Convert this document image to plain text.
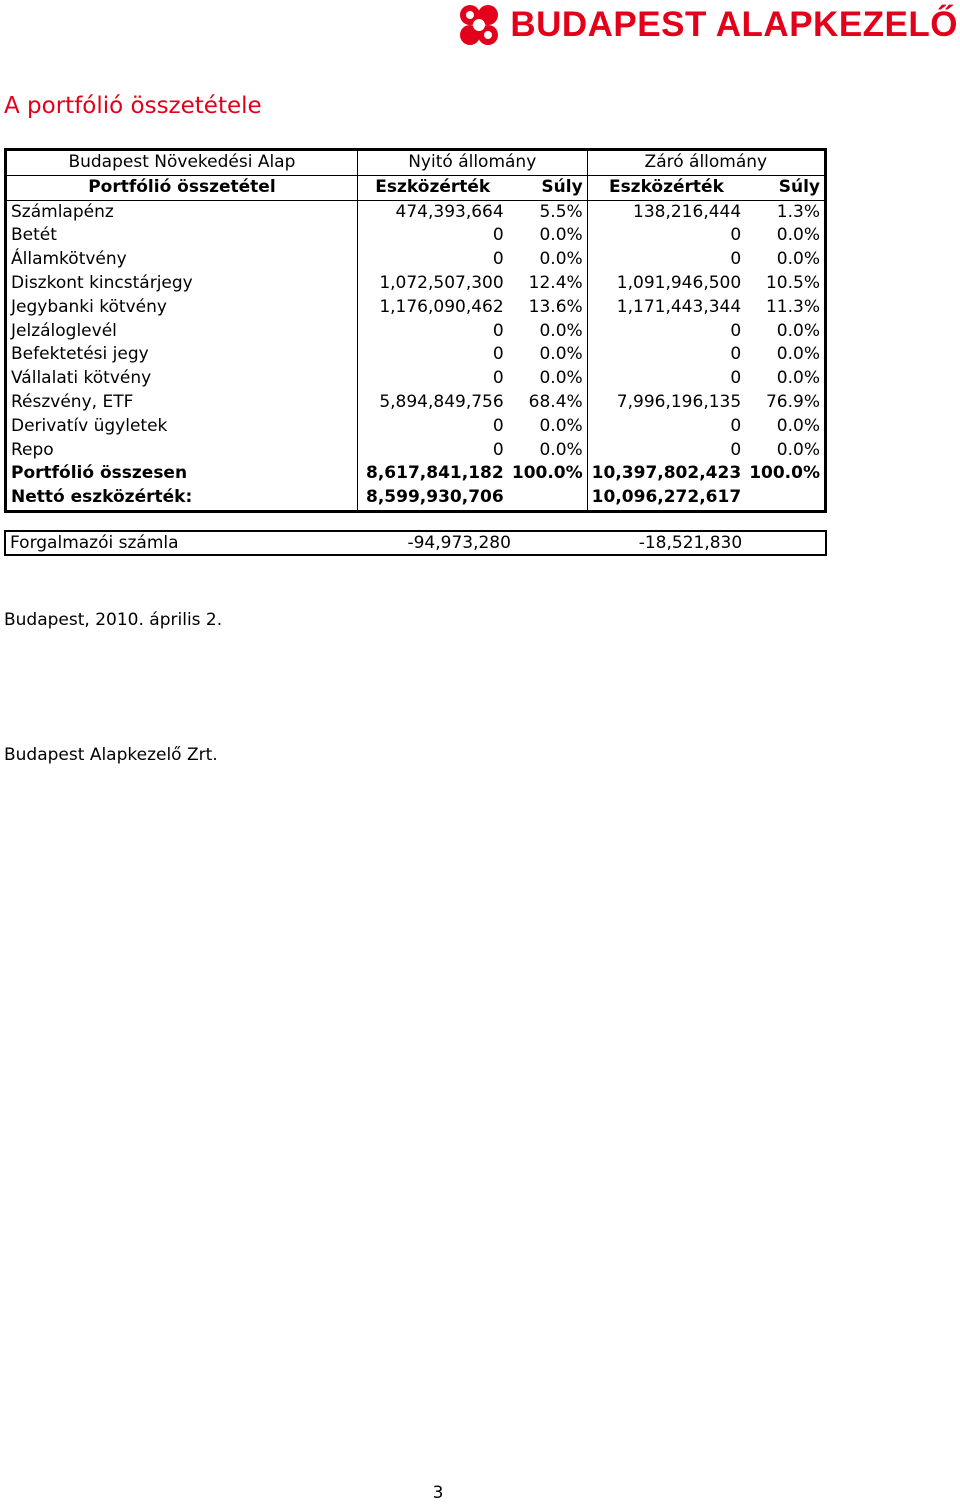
BUDAPEST ALAPKEZELŐ
A portfólió összetétele
Budapest Növekedési Alap	Nyitó állomány		Záró állomány	
Portfólió összetétel	Eszközérték	Súly	Eszközérték	Súly
Számlapénz	474,393,664	5.5%	138,216,444	1.3%
Betét	0	0.0%	0	0.0%
Államkötvény	0	0.0%	0	0.0%
Diszkont kincstárjegy	1,072,507,300	12.4%	1,091,946,500	10.5%
Jegybanki kötvény	1,176,090,462	13.6%	1,171,443,344	11.3%
Jelzáloglevél	0	0.0%	0	0.0%
Befektetési jegy	0	0.0%	0	0.0%
Vállalati kötvény	0	0.0%	0	0.0%
Részvény, ETF	5,894,849,756	68.4%	7,996,196,135	76.9%
Derivatív ügyletek	0	0.0%	0	0.0%
Repo	0	0.0%	0	0.0%
Portfólió összesen	8,617,841,182	100.0%	10,397,802,423	100.0%
Nettó eszközérték:	8,599,930,706		10,096,272,617	
Forgalmazói számla	-94,973,280		-18,521,830	
Budapest, 2010. április 2.
Budapest Alapkezelő Zrt.
3
